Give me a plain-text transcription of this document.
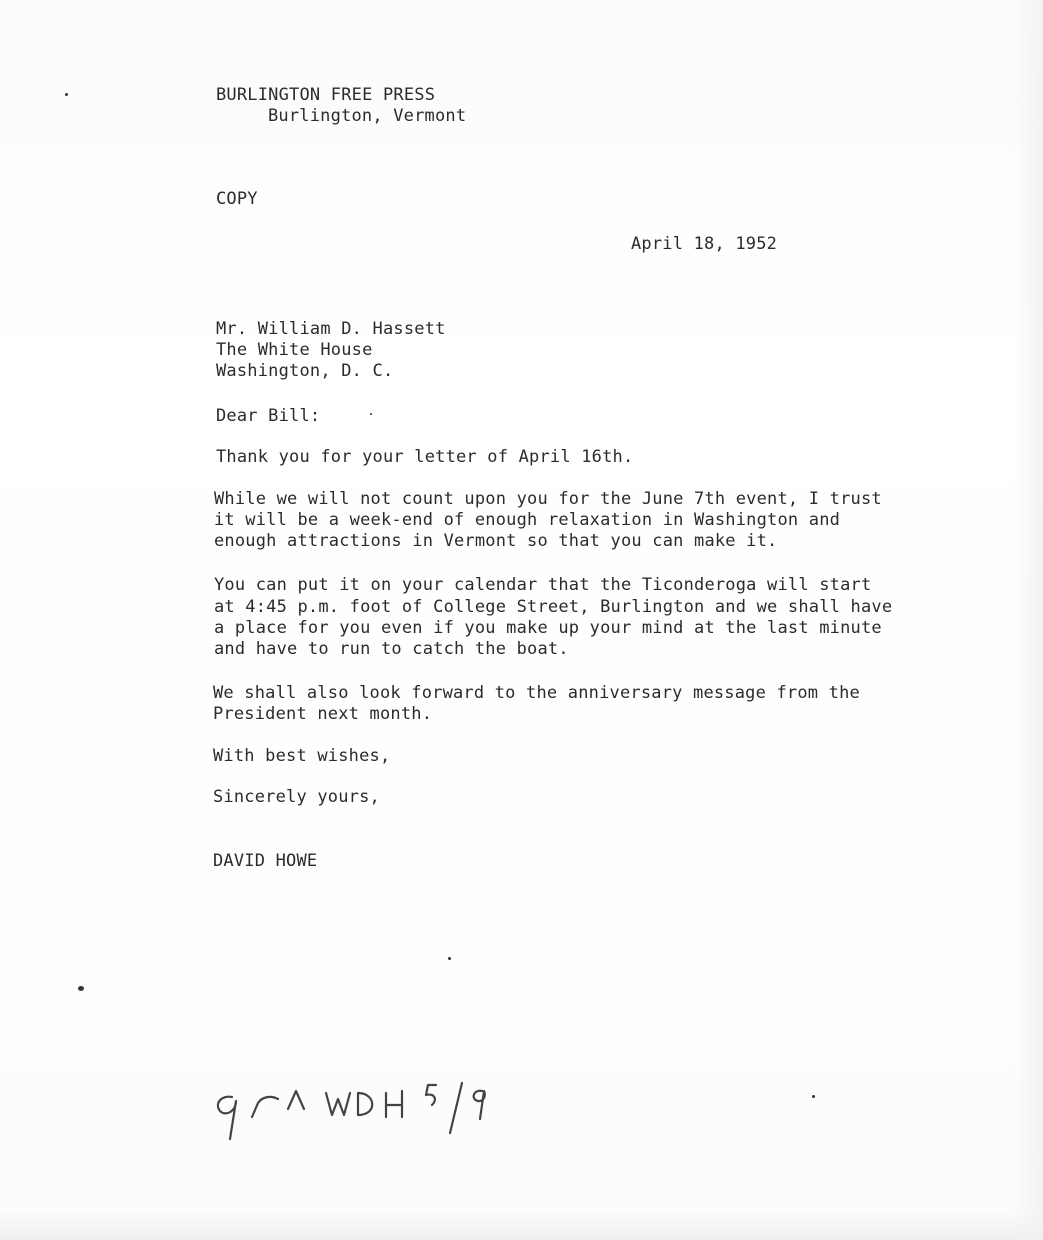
BURLINGTON FREE PRESS
Burlington, Vermont
COPY
April 18, 1952
Mr. William D. Hassett
The White House
Washington, D. C.
Dear Bill:
Thank you for your letter of April 16th.
While we will not count upon you for the June 7th event, I trust
it will be a week-end of enough relaxation in Washington and
enough attractions in Vermont so that you can make it.
You can put it on your calendar that the Ticonderoga will start
at 4:45 p.m. foot of College Street, Burlington and we shall have
a place for you even if you make up your mind at the last minute
and have to run to catch the boat.
We shall also look forward to the anniversary message from the
President next month.
With best wishes,
Sincerely yours,
DAVID HOWE
